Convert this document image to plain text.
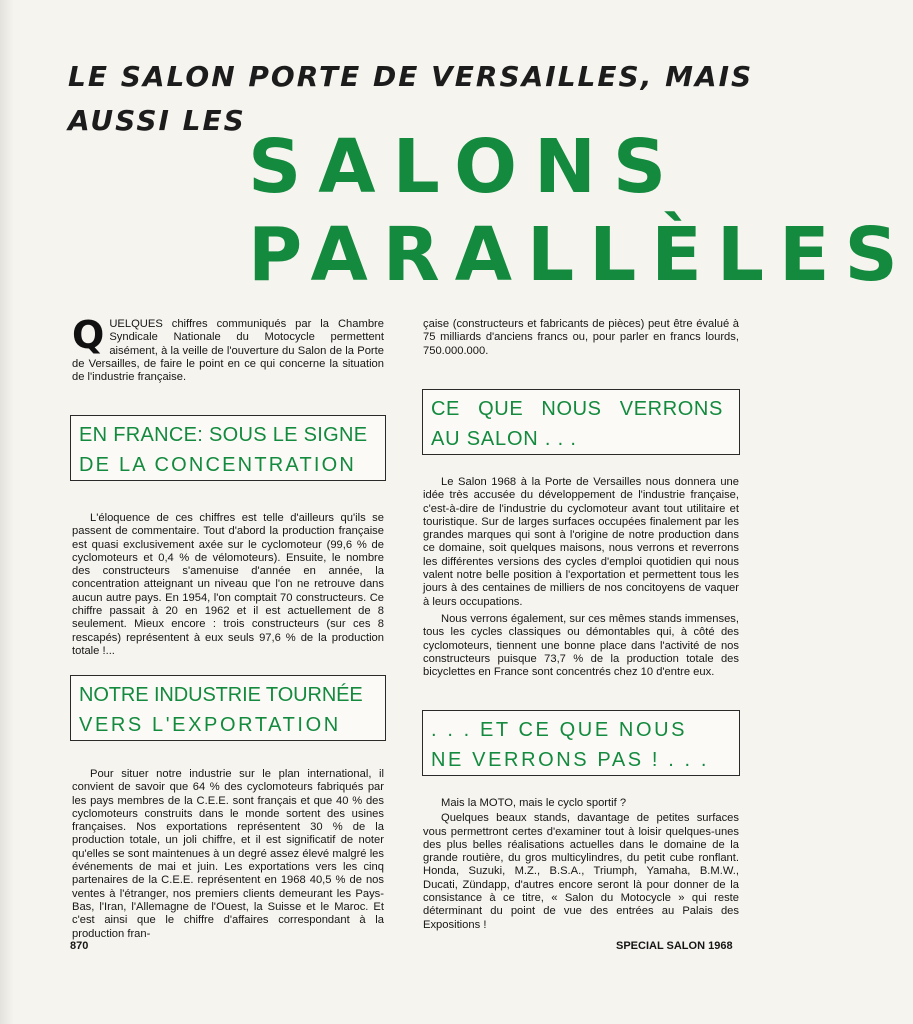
LE SALON PORTE DE VERSAILLES, MAIS
AUSSI LES
SALONS
PARALLÈLES
Q UELQUES chiffres communiqués par la Chambre Syndicale Nationale du Motocycle permettent aisément, à la veille de l'ouverture du Salon de la Porte de Versailles, de faire le point en ce qui concerne la situation de l'industrie française.
EN FRANCE: SOUS LE SIGNE
DE LA CONCENTRATION

L'éloquence de ces chiffres est telle d'ailleurs qu'ils se passent de commentaire. Tout d'abord la production française est quasi exclusivement axée sur le cyclomoteur (99,6 % de cyclomoteurs et 0,4 % de vélomoteurs). Ensuite, le nombre des constructeurs s'amenuise d'année en année, la concentration atteignant un niveau que l'on ne retrouve dans aucun autre pays. En 1954, l'on comptait 70 constructeurs. Ce chiffre passait à 20 en 1962 et il est actuellement de 8 seulement. Mieux encore : trois constructeurs (sur ces 8 rescapés) représentent à eux seuls 97,6 % de la production totale !...

NOTRE INDUSTRIE TOURNÉE
VERS L'EXPORTATION

Pour situer notre industrie sur le plan international, il convient de savoir que 64 % des cyclomoteurs fabriqués par les pays membres de la C.E.E. sont français et que 40 % des cyclomoteurs construits dans le monde sortent des usines françaises. Nos exportations représentent 30 % de la production totale, un joli chiffre, et il est significatif de noter qu'elles se sont maintenues à un degré assez élevé malgré les événements de mai et juin. Les exportations vers les cinq partenaires de la C.E.E. représentent en 1968 40,5 % de nos ventes à l'étranger, nos premiers clients demeurant les Pays-Bas, l'Iran, l'Allemagne de l'Ouest, la Suisse et le Maroc. Et c'est ainsi que le chiffre d'affaires correspondant à la production fran-

çaise (constructeurs et fabricants de pièces) peut être évalué à 75 milliards d'anciens francs ou, pour parler en francs lourds, 750.000.000.

CE QUE NOUS VERRONS
AU SALON . . .

Le Salon 1968 à la Porte de Versailles nous donnera une idée très accusée du développement de l'industrie française, c'est-à-dire de l'industrie du cyclomoteur avant tout utilitaire et touristique. Sur de larges surfaces occupées finalement par les grandes marques qui sont à l'origine de notre production dans ce domaine, soit quelques maisons, nous verrons et reverrons les différentes versions des cycles d'emploi quotidien qui nous valent notre belle position à l'exportation et permettent tous les jours à des centaines de milliers de nos concitoyens de vaquer à leurs occupations.

Nous verrons également, sur ces mêmes stands immenses, tous les cycles classiques ou démontables qui, à côté des cyclomoteurs, tiennent une bonne place dans l'activité de nos constructeurs puisque 73,7 % de la production totale des bicyclettes en France sont concentrés chez 10 d'entre eux.

. . . ET CE QUE NOUS
NE VERRONS PAS ! . . .

Mais la MOTO, mais le cyclo sportif ?

Quelques beaux stands, davantage de petites surfaces vous permettront certes d'examiner tout à loisir quelques-unes des plus belles réalisations actuelles dans le domaine de la grande routière, du gros multicylindres, du petit cube ronflant. Honda, Suzuki, M.Z., B.S.A., Triumph, Yamaha, B.M.W., Ducati, Zündapp, d'autres encore seront là pour donner de la consistance à ce titre, « Salon du Motocycle » qui reste déterminant du point de vue des entrées au Palais des Expositions !

870	SPECIAL SALON 1968
